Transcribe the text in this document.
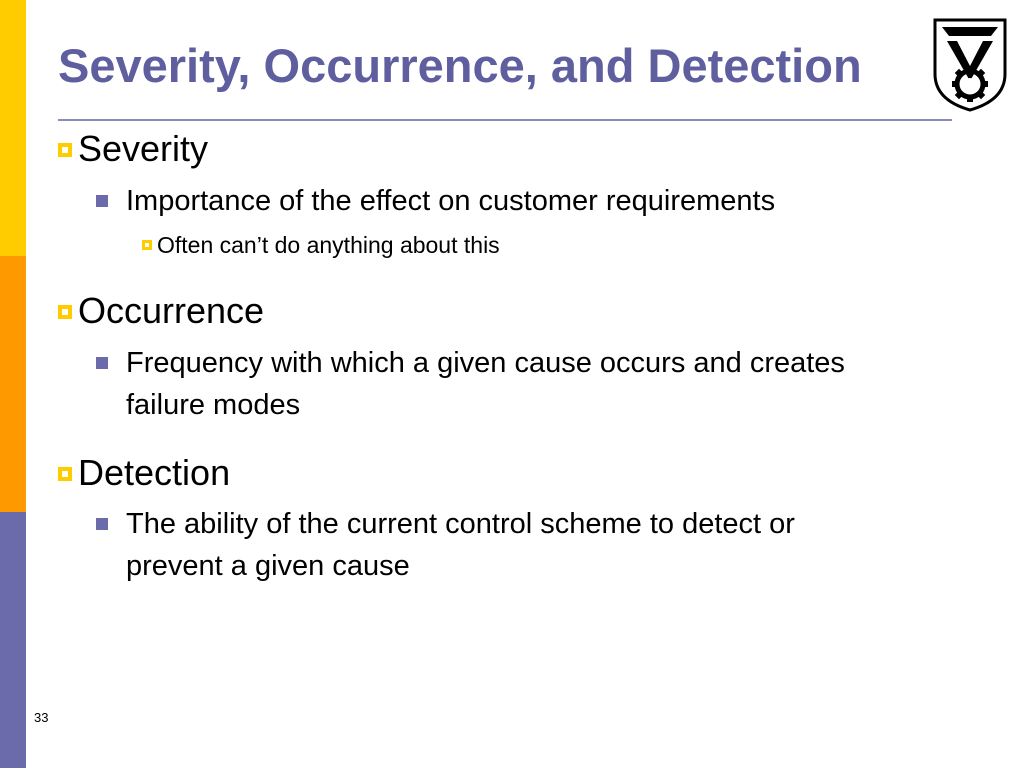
Severity, Occurrence, and Detection
Severity
Importance of the effect on customer requirements
Often can’t do anything about this
Occurrence
Frequency with which a given cause occurs and creates failure modes
Detection
The ability of the current control scheme to detect or prevent a given cause
33
